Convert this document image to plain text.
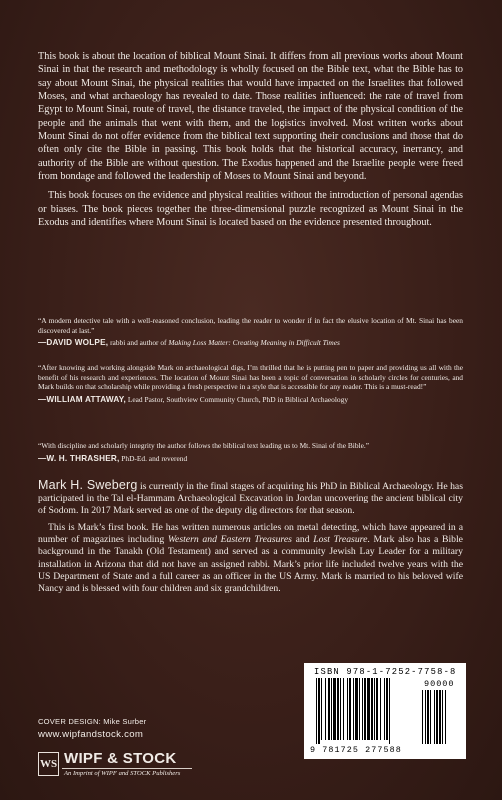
This book is about the location of biblical Mount Sinai. It differs from all previous works about Mount Sinai in that the research and methodology is wholly focused on the Bible text, what the Bible has to say about Mount Sinai, the physical realities that would have impacted on the Israelites that followed Moses, and what archaeology has revealed to date. Those realities influenced: the rate of travel from Egypt to Mount Sinai, route of travel, the distance traveled, the impact of the physical condition of the people and the animals that went with them, and the logistics involved. Most written works about Mount Sinai do not offer evidence from the biblical text supporting their conclusions and those that do often only cite the Bible in passing. This book holds that the historical accuracy, inerrancy, and authority of the Bible are without question. The Exodus happened and the Israelite people were freed from bondage and followed the leadership of Moses to Mount Sinai and beyond.

This book focuses on the evidence and physical realities without the introduction of personal agendas or biases. The book pieces together the three-dimensional puzzle recognized as Mount Sinai in the Exodus and identifies where Mount Sinai is located based on the evidence presented throughout.

“A modern detective tale with a well-reasoned conclusion, leading the reader to wonder if in fact the elusive location of Mt. Sinai has been discovered at last.”
—DAVID WOLPE, rabbi and author of Making Loss Matter: Creating Meaning in Difficult Times
“After knowing and working alongside Mark on archaeological digs, I’m thrilled that he is putting pen to paper and providing us all with the benefit of his research and experiences. The location of Mount Sinai has been a topic of conversation in scholarly circles for centuries, and Mark builds on that scholarship while providing a fresh perspective in a style that is accessible for any reader. This is a must-read!”
—WILLIAM ATTAWAY, Lead Pastor, Southview Community Church, PhD in Biblical Archaeology
“With discipline and scholarly integrity the author follows the biblical text leading us to Mt. Sinai of the Bible.”
—W. H. THRASHER, PhD-Ed. and reverend

Mark H. Sweberg is currently in the final stages of acquiring his PhD in Biblical Archaeology. He has participated in the Tal el-Hammam Archaeological Excavation in Jordan uncovering the ancient biblical city of Sodom. In 2017 Mark served as one of the deputy dig directors for that season.

This is Mark’s first book. He has written numerous articles on metal detecting, which have appeared in a number of magazines including Western and Eastern Treasures and Lost Treasure. Mark also has a Bible background in the Tanakh (Old Testament) and served as a community Jewish Lay Leader for a military installation in Arizona that did not have an assigned rabbi. Mark’s prior life included twelve years with the US Department of State and a full career as an officer in the US Army. Mark is married to his beloved wife Nancy and is blessed with four children and six grandchildren.

COVER DESIGN: Mike Surber
www.wipfandstock.com
WS WIPF & STOCK
An Imprint of WIPF and STOCK Publishers
ISBN 978-1-7252-7758-8
90000
9 781725 277588
